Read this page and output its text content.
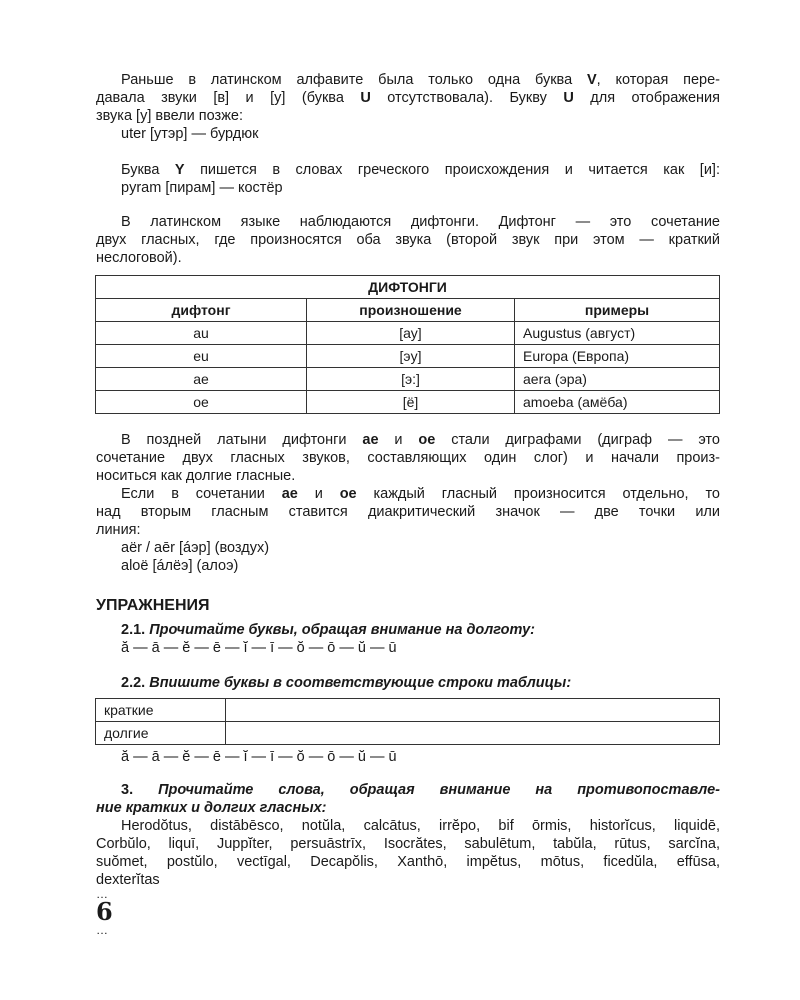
Раньше в латинском алфавите была только одна буква V, которая пере-
давала звуки [в] и [у] (буква U отсутствовала). Букву U для отображения
звука [у] ввели позже:
uter [утэр] — бурдюк
Буква Y пишется в словах греческого происхождения и читается как [и]:
pyram [пирам] — костёр
В латинском языке наблюдаются дифтонги. Дифтонг — это сочетание
двух гласных, где произносятся оба звука (второй звук при этом — краткий
неслоговой).
ДИФТОНГИ		
дифтонг	произношение	примеры
au	[ау]	Augustus (август)
eu	[эу]	Europa (Европа)
ae	[э:]	aera (эра)
oe	[ё]	amoeba (амёба)
В поздней латыни дифтонги ae и oe стали диграфами (диграф — это
сочетание двух гласных звуков, составляющих один слог) и начали произ-
носиться как долгие гласные.
Если в сочетании ae и oe каждый гласный произносится отдельно, то
над вторым гласным ставится диакритический значок — две точки или
линия:
aër / aēr [áэр] (воздух)
aloë [áлёэ] (алоэ)
УПРАЖНЕНИЯ
2.1. Прочитайте буквы, обращая внимание на долготу:
ă — ā — ĕ — ē — ĭ — ī — ŏ — ō — ŭ — ū
2.2. Впишите буквы в соответствующие строки таблицы:
краткие	
долгие	
ă — ā — ĕ — ē — ĭ — ī — ŏ — ō — ŭ — ū
3. Прочитайте слова, обращая внимание на противопоставле-
ние кратких и долгих гласных:
Herodŏtus, distābēsco, notŭla, calcātus, irrĕpo, bif ōrmis, historĭcus, liquidē,
Corbŭlo, liquī, Juppĭter, persuāstrīx, Isocrătes, sabulētum, tabŭla, rūtus, sarcĭna,
suŏmet, postŭlo, vectīgal, Decapŏlis, Xanthō, impĕtus, mōtus, ficedŭla, effūsa,
dexterĭtas
…
6
…
